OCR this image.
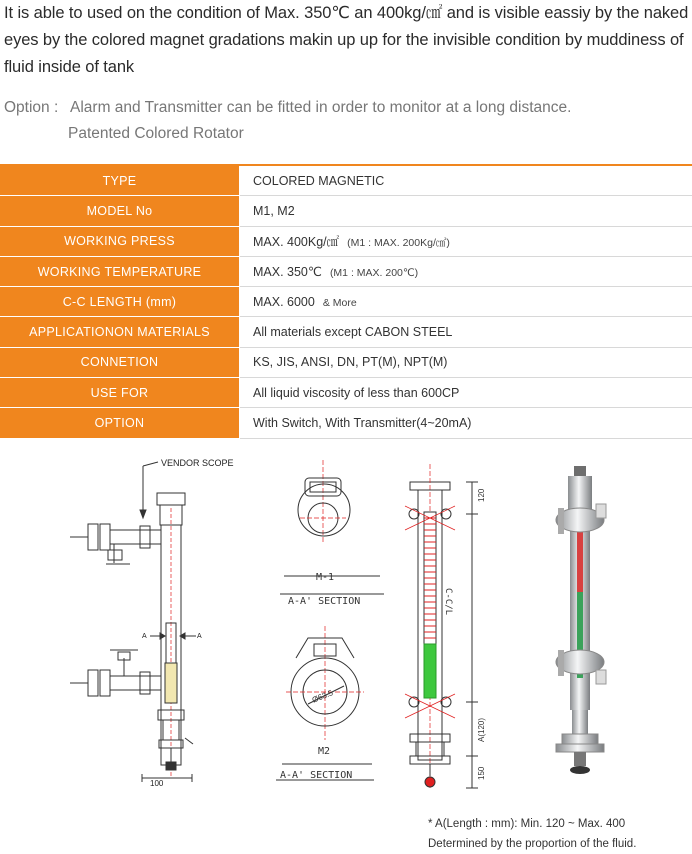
It is able to used on the condition of Max. 350℃ an 400kg/㎠ and is visible eassiy by the naked eyes by the colored magnet gradations makin up up for the invisible condition by muddiness of fluid inside of tank
Option : Alarm and Transmitter can be fitted in order to monitor at a long distance.
Patented Colored Rotator
TYPE	COLORED MAGNETIC
MODEL No	M1, M2
WORKING PRESS	MAX. 400Kg/㎠ (M1 : MAX. 200Kg/㎠)
WORKING TEMPERATURE	MAX. 350℃ (M1 : MAX. 200℃)
C-C LENGTH (mm)	MAX. 6000 & More
APPLICATIONON MATERIALS	All materials except CABON STEEL
CONNETION	KS, JIS, ANSI, DN, PT(M), NPT(M)
USE FOR	All liquid viscosity of less than 600CP
OPTION	With Switch, With Transmitter(4~20mA)
VENDOR SCOPE
A	A
100
M-1
A-A' SECTION
M2
A-A' SECTION
Ø63.5
120
C-C/L
A(120)
150
* A(Length : mm): Min. 120 ~ Max. 400
Determined by the proportion of the fluid.
